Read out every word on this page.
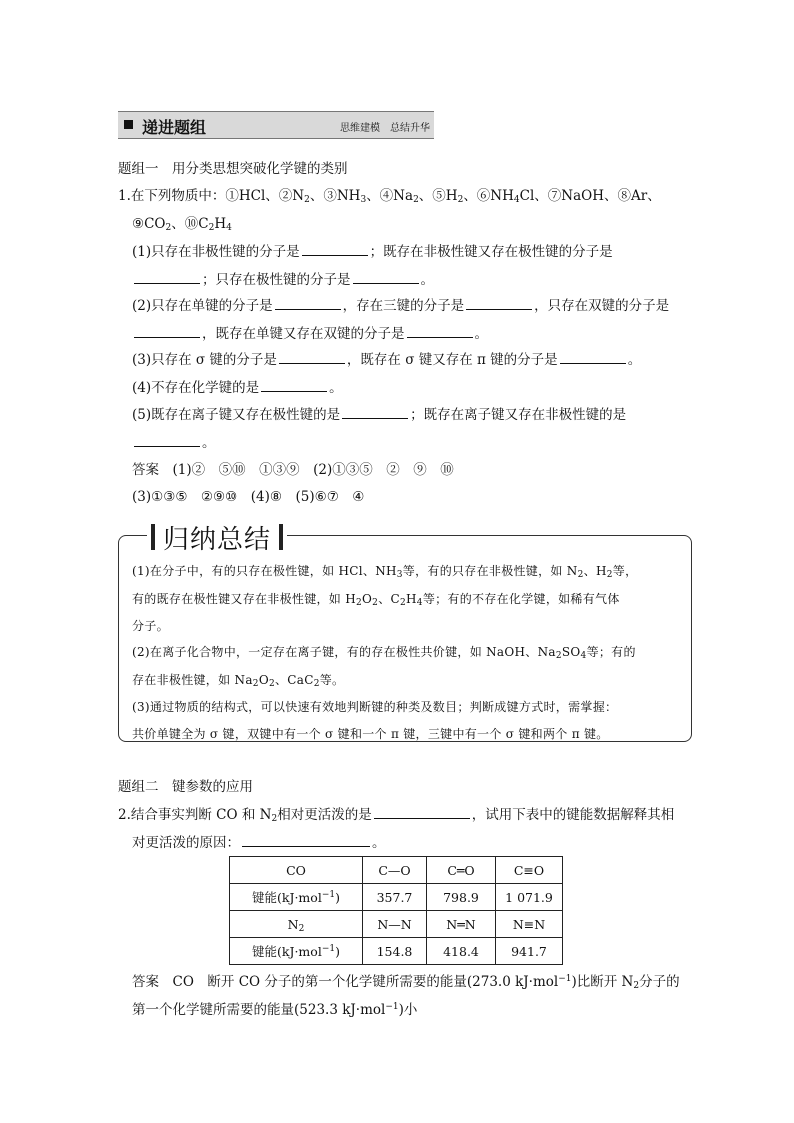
递进题组	思维建模　总结升华
题组一　用分类思想突破化学键的类别
1.在下列物质中：①HCl、$②N_2$、$③NH_3$、$④Na_2$、$⑤H_2$、$⑥NH_4Cl$、⑦NaOH、⑧Ar、
$⑨CO_2$、$⑩C_2H_4$
(1)只存在非极性键的分子是	；既存在非极性键又存在极性键的分子是
；只存在极性键的分子是	。
(2)只存在单键的分子是	，存在三键的分子是	，只存在双键的分子是
，既存在单键又存在双键的分子是	。
(3)只存在 σ 键的分子是	，既存在 σ 键又存在 π 键的分子是	。
(4)不存在化学键的是	。
(5)既存在离子键又存在极性键的是	；既存在离子键又存在非极性键的是
。
答案　(1)②　⑤⑩　①③⑨　(2)①③⑤　②　⑨　⑩
(3)①③⑤　②⑨⑩　(4)⑧　(5)⑥⑦　④
归纳总结
(1)在分子中，有的只存在极性键，如 HCl、$NH_3$等，有的只存在非极性键，如 $N_2$、$H_2$等，
有的既存在极性键又存在非极性键，如 $H_2O_2$、$C_2H_4$等；有的不存在化学键，如稀有气体
分子。
(2)在离子化合物中，一定存在离子键，有的存在极性共价键，如 NaOH、$Na_2SO_4$等；有的
存在非极性键，如 $Na_2O_2$、CaC$_2$等。
(3)通过物质的结构式，可以快速有效地判断键的种类及数目；判断成键方式时，需掌握：
共价单键全为 σ 键，双键中有一个 σ 键和一个 π 键，三键中有一个 σ 键和两个 π 键。
题组二　键参数的应用
2.结合事实判断 CO 和 $N_2$相对更活泼的是	，试用下表中的键能数据解释其相
对更活泼的原因：	。
CO	C—O	C═O	C≡O
键能(kJ·mol$^{-1}$)	357.7	798.9	1 071.9
$N_2$	N—N	N═N	N≡N
键能(kJ·mol$^{-1}$)	154.8	418.4	941.7
答案　CO　断开 CO 分子的第一个化学键所需要的能量(273.0 kJ·mol$^{-1}$)比断开 $N_2$分子的
第一个化学键所需要的能量(523.3 kJ·mol$^{-1}$)小
